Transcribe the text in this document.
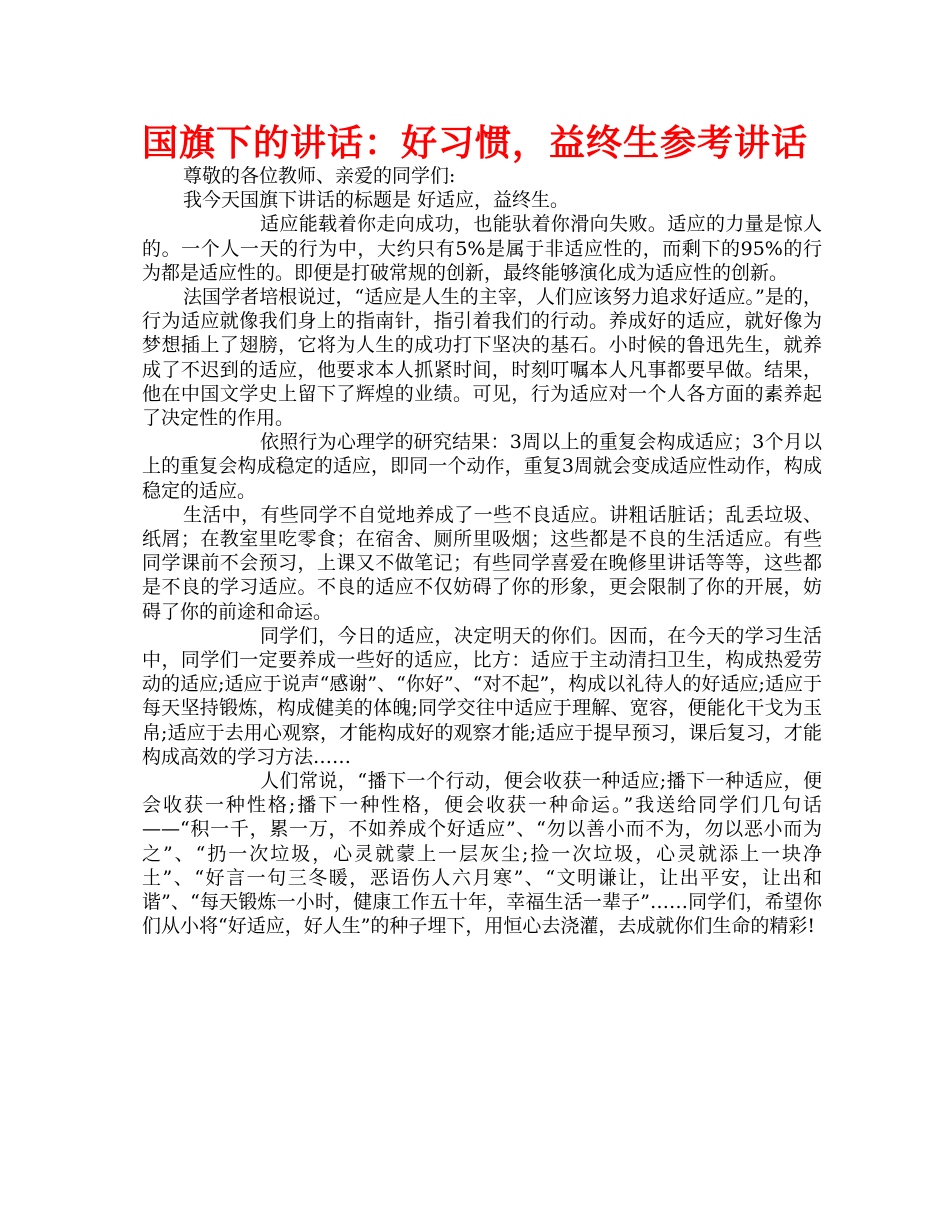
国旗下的讲话：好习惯，益终生参考讲话

尊敬的各位教师、亲爱的同学们:

我今天国旗下讲话的标题是 好适应，益终生。

适应能载着你走向成功，也能驮着你滑向失败。适应的力量是惊人的。一个人一天的行为中，大约只有5%是属于非适应性的，而剩下的95%的行为都是适应性的。即便是打破常规的创新，最终能够演化成为适应性的创新。

法国学者培根说过，“适应是人生的主宰，人们应该努力追求好适应。”是的，行为适应就像我们身上的指南针，指引着我们的行动。养成好的适应，就好像为梦想插上了翅膀，它将为人生的成功打下坚决的基石。小时候的鲁迅先生，就养成了不迟到的适应，他要求本人抓紧时间，时刻叮嘱本人凡事都要早做。结果，他在中国文学史上留下了辉煌的业绩。可见，行为适应对一个人各方面的素养起了决定性的作用。

依照行为心理学的研究结果：3周以上的重复会构成适应；3个月以上的重复会构成稳定的适应，即同一个动作，重复3周就会变成适应性动作，构成稳定的适应。

生活中，有些同学不自觉地养成了一些不良适应。讲粗话脏话；乱丢垃圾、纸屑；在教室里吃零食；在宿舍、厕所里吸烟；这些都是不良的生活适应。有些同学课前不会预习，上课又不做笔记；有些同学喜爱在晚修里讲话等等，这些都是不良的学习适应。不良的适应不仅妨碍了你的形象，更会限制了你的开展，妨碍了你的前途和命运。

同学们，今日的适应，决定明天的你们。因而，在今天的学习生活中，同学们一定要养成一些好的适应，比方：适应于主动清扫卫生，构成热爱劳动的适应;适应于说声“感谢”、“你好”、“对不起”，构成以礼待人的好适应;适应于每天坚持锻炼，构成健美的体魄;同学交往中适应于理解、宽容，便能化干戈为玉帛;适应于去用心观察，才能构成好的观察才能;适应于提早预习，课后复习，才能构成高效的学习方法……

人们常说，“播下一个行动，便会收获一种适应;播下一种适应，便会收获一种性格;播下一种性格，便会收获一种命运。”我送给同学们几句话——“积一千，累一万，不如养成个好适应”、“勿以善小而不为，勿以恶小而为之”、“扔一次垃圾，心灵就蒙上一层灰尘;捡一次垃圾，心灵就添上一块净土”、“好言一句三冬暖，恶语伤人六月寒”、“文明谦让，让出平安，让出和谐”、“每天锻炼一小时，健康工作五十年，幸福生活一辈子”……同学们，希望你们从小将“好适应，好人生”的种子埋下，用恒心去浇灌，去成就你们生命的精彩!
